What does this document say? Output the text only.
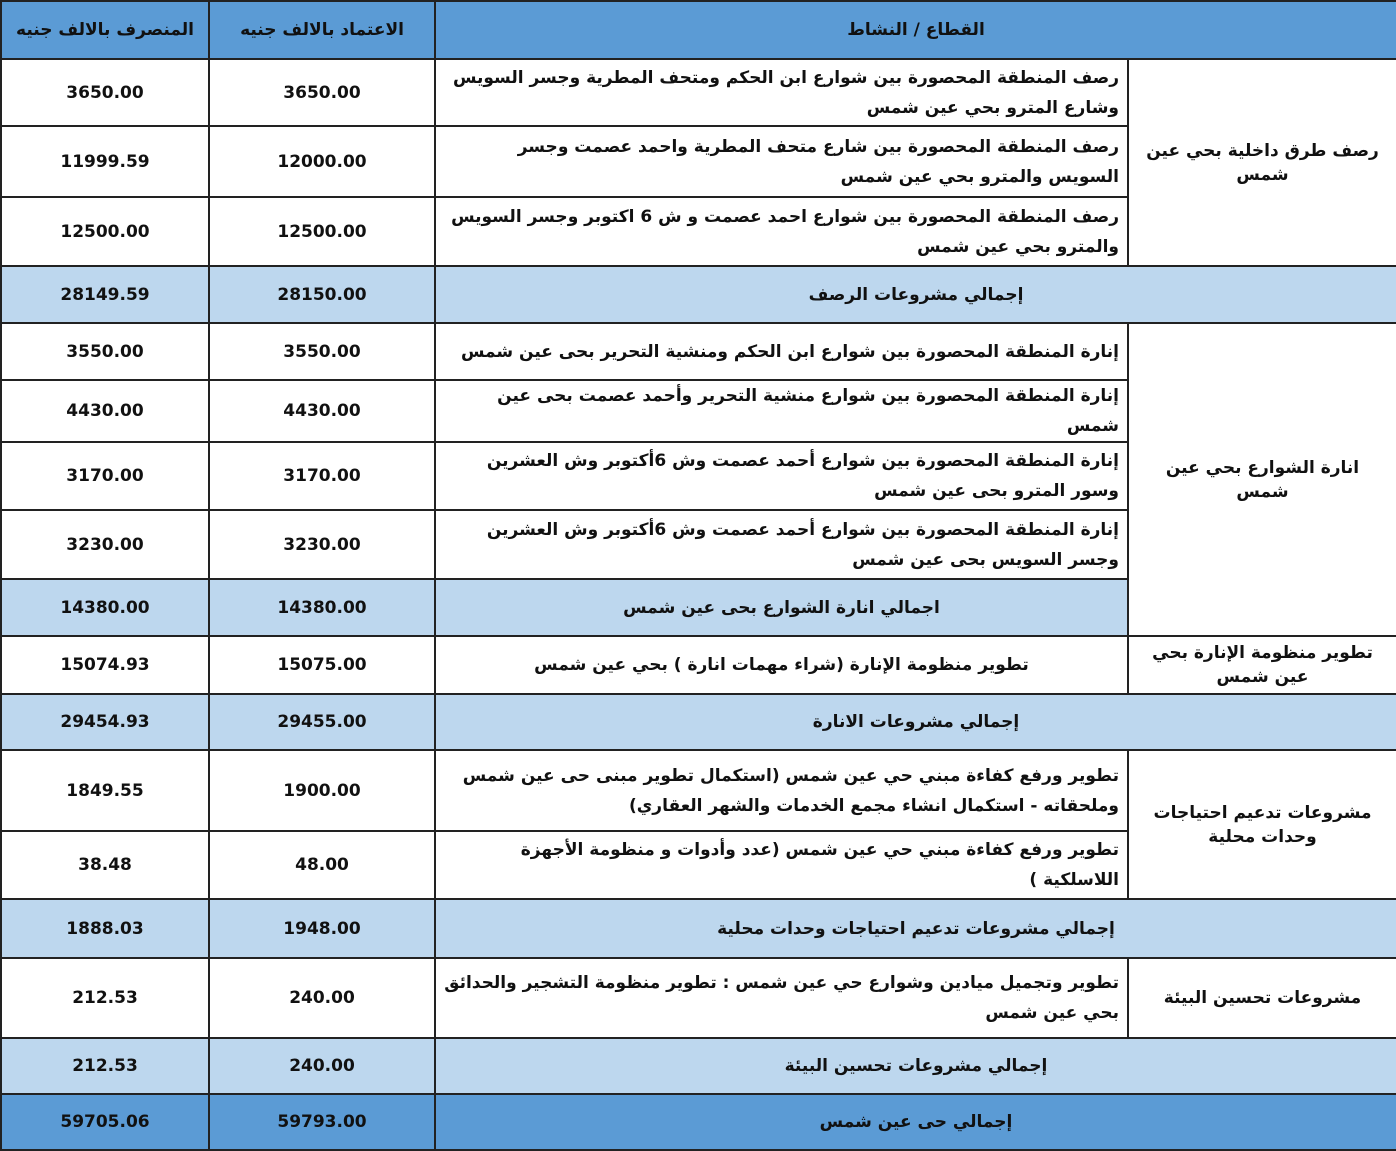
المنصرف بالالف جنيه	الاعتماد بالالف جنيه	القطاع / النشاط	
3650.00	3650.00	رصف المنطقة المحصورة بين شوارع ابن الحكم ومتحف المطرية وجسر السويس وشارع المترو بحي عين شمس	رصف طرق داخلية بحي عين شمس
11999.59	12000.00	رصف المنطقة المحصورة بين شارع متحف المطرية واحمد عصمت وجسر السويس والمترو بحي عين شمس	
12500.00	12500.00	رصف المنطقة المحصورة بين شوارع احمد عصمت و ش 6 اكتوبر وجسر السويس والمترو بحي عين شمس	
28149.59	28150.00	إجمالي مشروعات الرصف	
3550.00	3550.00	إنارة المنطقة المحصورة بين شوارع ابن الحكم ومنشية التحرير بحى عين شمس	انارة الشوارع بحي عين شمس
4430.00	4430.00	إنارة المنطقة المحصورة بين شوارع منشية التحرير وأحمد عصمت بحى عين شمس	
3170.00	3170.00	إنارة المنطقة المحصورة بين شوارع أحمد عصمت وش 6أكتوبر وش العشرين وسور المترو بحى عين شمس	
3230.00	3230.00	إنارة المنطقة المحصورة بين شوارع أحمد عصمت وش 6أكتوبر وش العشرين وجسر السويس بحى عين شمس	
14380.00	14380.00	اجمالي انارة الشوارع بحى عين شمس	
15074.93	15075.00	تطوير منظومة الإنارة (شراء مهمات انارة ) بحي عين شمس	تطوير منظومة الإنارة بحي عين شمس
29454.93	29455.00	إجمالي مشروعات الانارة	
1849.55	1900.00	تطوير ورفع كفاءة مبني حي عين شمس (استكمال تطوير مبنى حى عين شمس وملحقاته - استكمال انشاء مجمع الخدمات والشهر العقاري)	مشروعات تدعيم احتياجات وحدات محلية
38.48	48.00	تطوير ورفع كفاءة مبني حي عين شمس (عدد وأدوات و منظومة الأجهزة اللاسلكية )	
1888.03	1948.00	إجمالي مشروعات تدعيم احتياجات وحدات محلية	
212.53	240.00	تطوير وتجميل ميادين وشوارع حي عين شمس : تطوير منظومة التشجير والحدائق بحي عين شمس	مشروعات تحسين البيئة
212.53	240.00	إجمالي مشروعات تحسين البيئة	
59705.06	59793.00	إجمالي حى عين شمس	
